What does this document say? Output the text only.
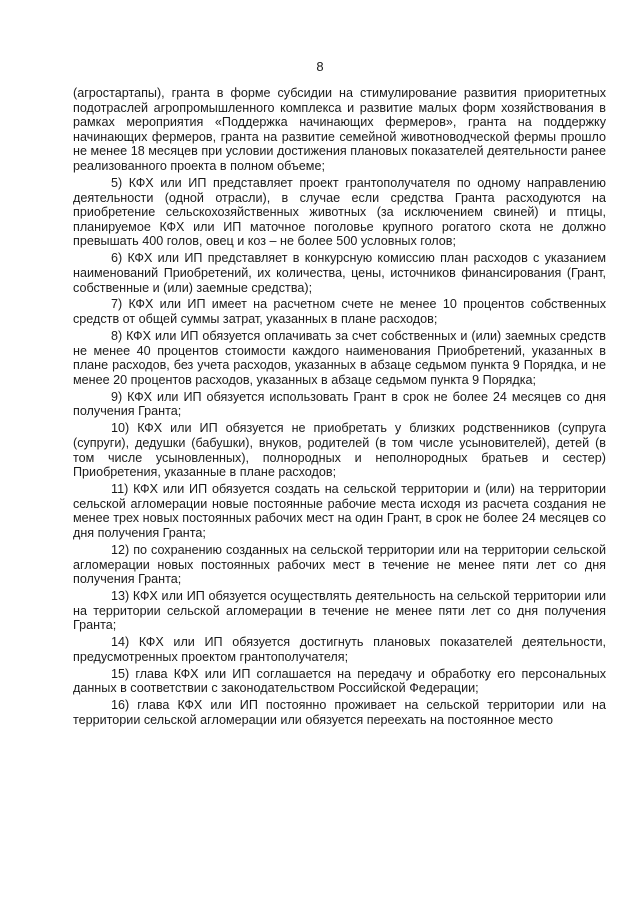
8

(агростартапы), гранта в форме субсидии на стимулирование развития приоритетных подотраслей агропромышленного комплекса и развитие малых форм хозяйствования в рамках мероприятия «Поддержка начинающих фермеров», гранта на поддержку начинающих фермеров, гранта на развитие семейной животноводческой фермы прошло не менее 18 месяцев при условии достижения плановых показателей деятельности ранее реализованного проекта в полном объеме;

5) КФХ или ИП представляет проект грантополучателя по одному направлению деятельности (одной отрасли), в случае если средства Гранта расходуются на приобретение сельскохозяйственных животных (за исключением свиней) и птицы, планируемое КФХ или ИП маточное поголовье крупного рогатого скота не должно превышать 400 голов, овец и коз – не более 500 условных голов;

6) КФХ или ИП представляет в конкурсную комиссию план расходов с указанием наименований Приобретений, их количества, цены, источников финансирования (Грант, собственные и (или) заемные средства);

7) КФХ или ИП имеет на расчетном счете не менее 10 процентов собственных средств от общей суммы затрат, указанных в плане расходов;

8) КФХ или ИП обязуется оплачивать за счет собственных и (или) заемных средств не менее 40 процентов стоимости каждого наименования Приобретений, указанных в плане расходов, без учета расходов, указанных в абзаце седьмом пункта 9 Порядка, и не менее 20 процентов расходов, указанных в абзаце седьмом пункта 9 Порядка;

9) КФХ или ИП обязуется использовать Грант в срок не более 24 месяцев со дня получения Гранта;

10) КФХ или ИП обязуется не приобретать у близких родственников (супруга (супруги), дедушки (бабушки), внуков, родителей (в том числе усыновителей), детей (в том числе усыновленных), полнородных и неполнородных братьев и сестер) Приобретения, указанные в плане расходов;

11) КФХ или ИП обязуется создать на сельской территории и (или) на территории сельской агломерации новые постоянные рабочие места исходя из расчета создания не менее трех новых постоянных рабочих мест на один Грант, в срок не более 24 месяцев со дня получения Гранта;

12) по сохранению созданных на сельской территории или на территории сельской агломерации новых постоянных рабочих мест в течение не менее пяти лет со дня получения Гранта;

13) КФХ или ИП обязуется осуществлять деятельность на сельской территории или на территории сельской агломерации в течение не менее пяти лет со дня получения Гранта;

14) КФХ или ИП обязуется достигнуть плановых показателей деятельности, предусмотренных проектом грантополучателя;

15) глава КФХ или ИП соглашается на передачу и обработку его персональных данных в соответствии с законодательством Российской Федерации;

16) глава КФХ или ИП постоянно проживает на сельской территории или на территории сельской агломерации или обязуется переехать на постоянное место
